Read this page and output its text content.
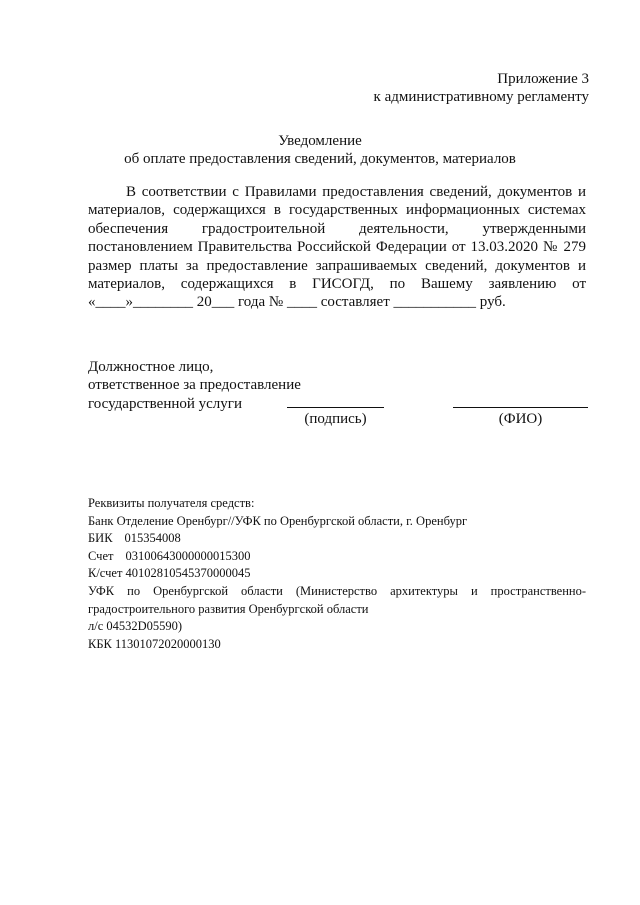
Приложение 3
к административному регламенту
Уведомление
об оплате предоставления сведений, документов, материалов
В соответствии с Правилами предоставления сведений, документов и
материалов, содержащихся в государственных информационных системах
обеспечения градостроительной деятельности, утвержденными
постановлением Правительства Российской Федерации от 13.03.2020 № 279
размер платы за предоставление запрашиваемых сведений, документов и
материалов, содержащихся в ГИСОГД, по Вашему заявлению от
«____»________ 20___ года № ____ составляет ___________ руб.
Должностное лицо,
ответственное за предоставление
государственной услуги
(подпись)	(ФИО)
Реквизиты получателя средств:
Банк Отделение Оренбург//УФК по Оренбургской области, г. Оренбург
БИК 015354008
Счет 03100643000000015300
К/счет 40102810545370000045
УФК по Оренбургской области (Министерство архитектуры и пространственно-
градостроительного развития Оренбургской области
л/с 04532D05590)
КБК 11301072020000130
